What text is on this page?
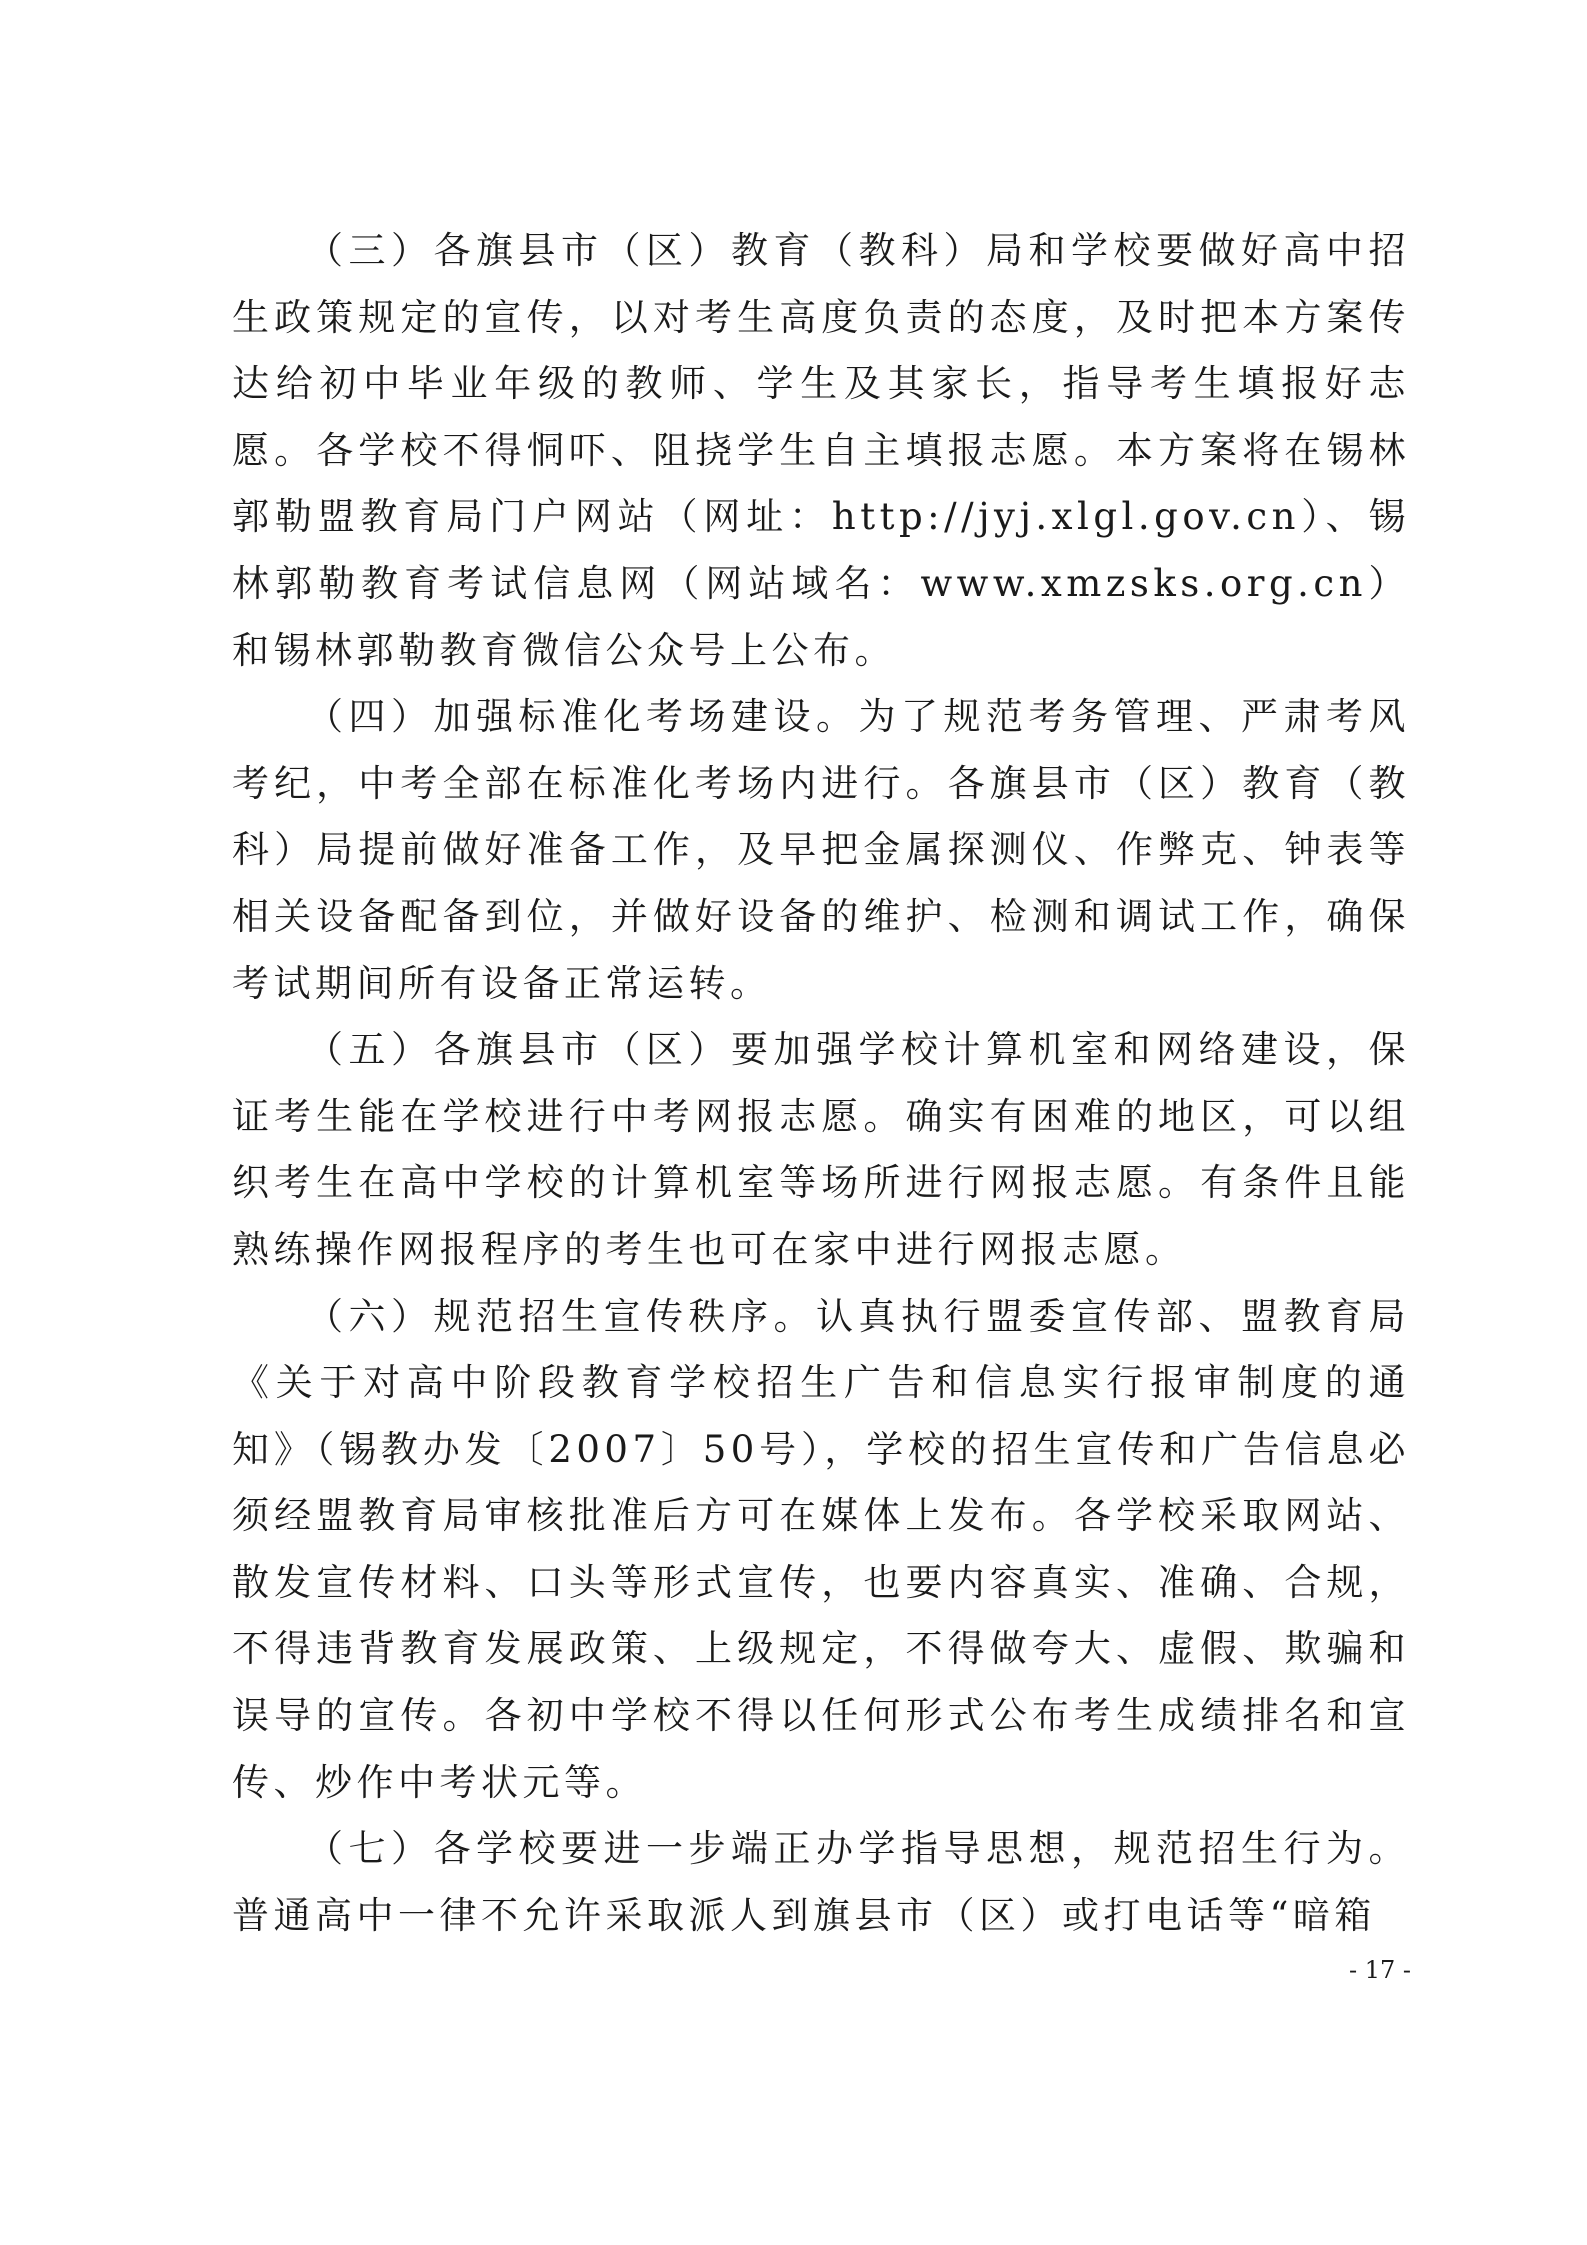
（三）各旗县市（区）教育（教科）局和学校要做好高中招生政策规定的宣传，以对考生高度负责的态度，及时把本方案传达给初中毕业年级的教师、学生及其家长，指导考生填报好志愿。各学校不得恫吓、阻挠学生自主填报志愿。本方案将在锡林郭勒盟教育局门户网站（网址：http://jyj.xlgl.gov.cn）、锡林郭勒教育考试信息网（网站域名：www.xmzsks.org.cn）和锡林郭勒教育微信公众号上公布。

（四）加强标准化考场建设。为了规范考务管理、严肃考风考纪，中考全部在标准化考场内进行。各旗县市（区）教育（教科）局提前做好准备工作，及早把金属探测仪、作弊克、钟表等相关设备配备到位，并做好设备的维护、检测和调试工作，确保考试期间所有设备正常运转。

（五）各旗县市（区）要加强学校计算机室和网络建设，保证考生能在学校进行中考网报志愿。确实有困难的地区，可以组织考生在高中学校的计算机室等场所进行网报志愿。有条件且能熟练操作网报程序的考生也可在家中进行网报志愿。

（六）规范招生宣传秩序。认真执行盟委宣传部、盟教育局《关于对高中阶段教育学校招生广告和信息实行报审制度的通知》（锡教办发〔2007〕50号），学校的招生宣传和广告信息必须经盟教育局审核批准后方可在媒体上发布。各学校采取网站、散发宣传材料、口头等形式宣传，也要内容真实、准确、合规，不得违背教育发展政策、上级规定，不得做夸大、虚假、欺骗和误导的宣传。各初中学校不得以任何形式公布考生成绩排名和宣传、炒作中考状元等。

（七）各学校要进一步端正办学指导思想，规范招生行为。普通高中一律不允许采取派人到旗县市（区）或打电话等“暗箱

- 17 -
